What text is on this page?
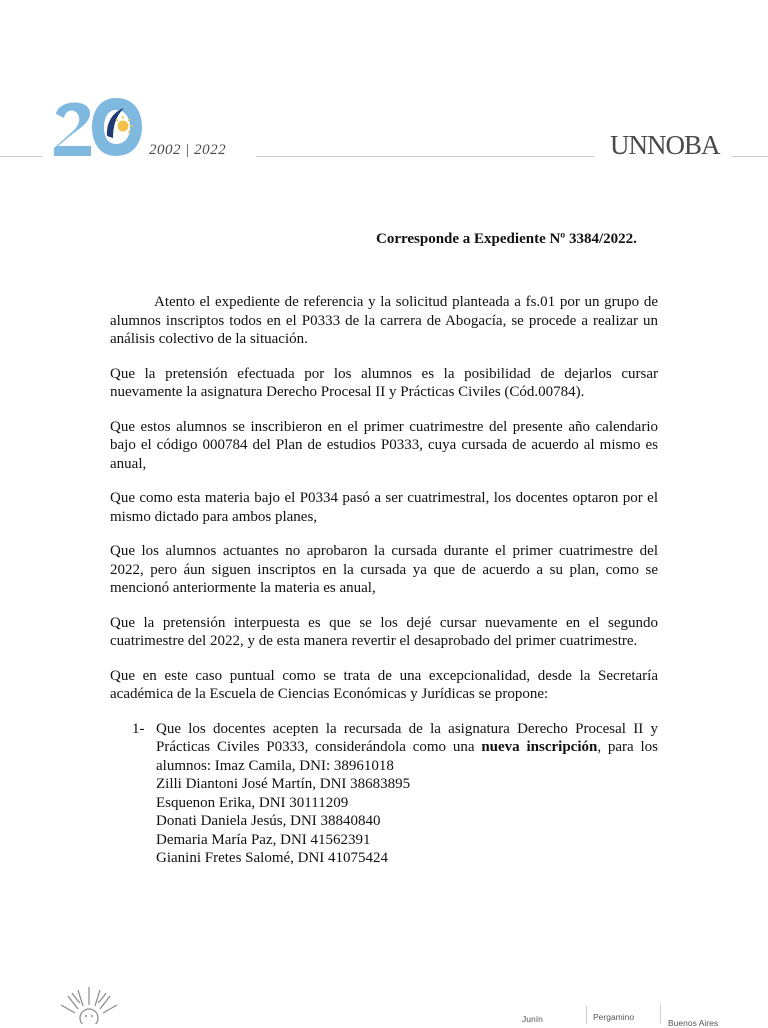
2002 | 2022	UNNOBA
Corresponde a Expediente Nº 3384/2022.

Atento el expediente de referencia y la solicitud planteada a fs.01 por un grupo de alumnos inscriptos todos en el P0333 de la carrera de Abogacía, se procede a realizar un análisis colectivo de la situación.

Que la pretensión efectuada por los alumnos es la posibilidad de dejarlos cursar nuevamente la asignatura Derecho Procesal II y Prácticas Civiles (Cód.00784).

Que estos alumnos se inscribieron en el primer cuatrimestre del presente año calendario bajo el código 000784 del Plan de estudios P0333, cuya cursada de acuerdo al mismo es anual,

Que como esta materia bajo el P0334 pasó a ser cuatrimestral, los docentes optaron por el mismo dictado para ambos planes,

Que los alumnos actuantes no aprobaron la cursada durante el primer cuatrimestre del 2022, pero áun siguen inscriptos en la cursada ya que de acuerdo a su plan, como se mencionó anteriormente la materia es anual,

Que la pretensión interpuesta es que se los dejé cursar nuevamente en el segundo cuatrimestre del 2022, y de esta manera revertir el desaprobado del primer cuatrimestre.

Que en este caso puntual como se trata de una excepcionalidad, desde la Secretaría académica de la Escuela de Ciencias Económicas y Jurídicas se propone:

1- Que los docentes acepten la recursada de la asignatura Derecho Procesal II y Prácticas Civiles P0333, considerándola como una nueva inscripción, para los alumnos: Imaz Camila, DNI: 38961018
Zilli Diantoni José Martín, DNI 38683895
Esquenon Erika, DNI 30111209
Donati Daniela Jesús, DNI 38840840
Demaria María Paz, DNI 41562391
Gianini Fretes Salomé, DNI 41075424
Junín	Pergamino
Buenos Aires
